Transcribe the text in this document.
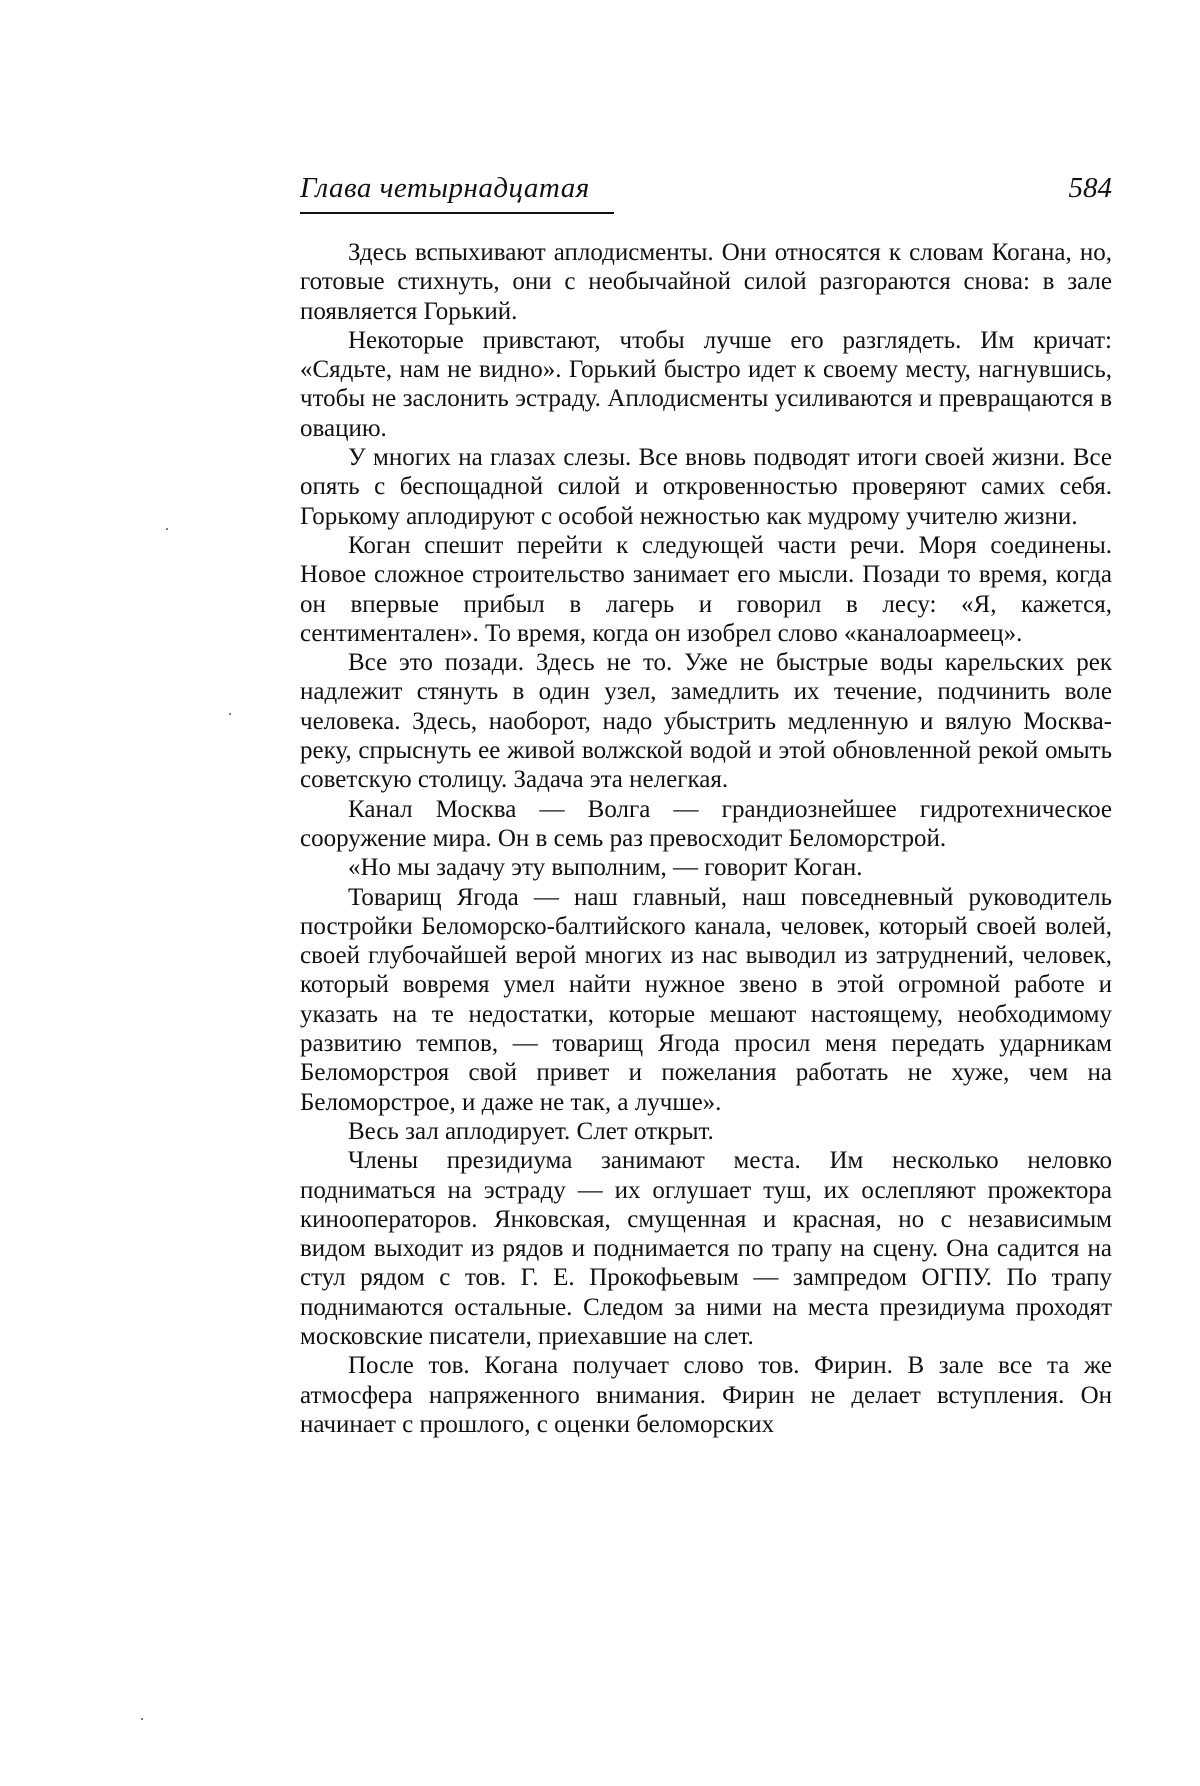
Глава четырнадцатая	584

Здесь вспыхивают аплодисменты. Они относятся к словам Когана, но, готовые стихнуть, они с необычайной силой разгораются снова: в зале появляется Горький.

Некоторые привстают, чтобы лучше его разглядеть. Им кричат: «Сядьте, нам не видно». Горький быстро идет к своему месту, нагнувшись, чтобы не заслонить эстраду. Аплодисменты усиливаются и превращаются в овацию.

У многих на глазах слезы. Все вновь подводят итоги своей жизни. Все опять с беспощадной силой и откровенностью проверяют самих себя. Горькому аплодируют с особой нежностью как мудрому учителю жизни.

Коган спешит перейти к следующей части речи. Моря соединены. Новое сложное строительство занимает его мысли. Позади то время, когда он впервые прибыл в лагерь и говорил в лесу: «Я, кажется, сентиментален». То время, когда он изобрел слово «каналоармеец».

Все это позади. Здесь не то. Уже не быстрые воды карельских рек надлежит стянуть в один узел, замедлить их течение, подчинить воле человека. Здесь, наоборот, надо убыстрить медленную и вялую Москва-реку, спрыснуть ее живой волжской водой и этой обновленной рекой омыть советскую столицу. Задача эта нелегкая.

Канал Москва — Волга — грандиознейшее гидротехническое сооружение мира. Он в семь раз превосходит Беломорстрой.

«Но мы задачу эту выполним, — говорит Коган.

Товарищ Ягода — наш главный, наш повседневный руководитель постройки Беломорско-балтийского канала, человек, который своей волей, своей глубочайшей верой многих из нас выводил из затруднений, человек, который вовремя умел найти нужное звено в этой огромной работе и указать на те недостатки, которые мешают настоящему, необходимому развитию темпов, — товарищ Ягода просил меня передать ударникам Беломорстроя свой привет и пожелания работать не хуже, чем на Беломорстрое, и даже не так, а лучше».

Весь зал аплодирует. Слет открыт.

Члены президиума занимают места. Им несколько неловко подниматься на эстраду — их оглушает туш, их ослепляют прожектора кинооператоров. Янковская, смущенная и красная, но с независимым видом выходит из рядов и поднимается по трапу на сцену. Она садится на стул рядом с тов. Г. Е. Прокофьевым — зампредом ОГПУ. По трапу поднимаются остальные. Следом за ними на места президиума проходят московские писатели, приехавшие на слет.

После тов. Когана получает слово тов. Фирин. В зале все та же атмосфера напряженного внимания. Фирин не делает вступления. Он начинает с прошлого, с оценки беломорских
